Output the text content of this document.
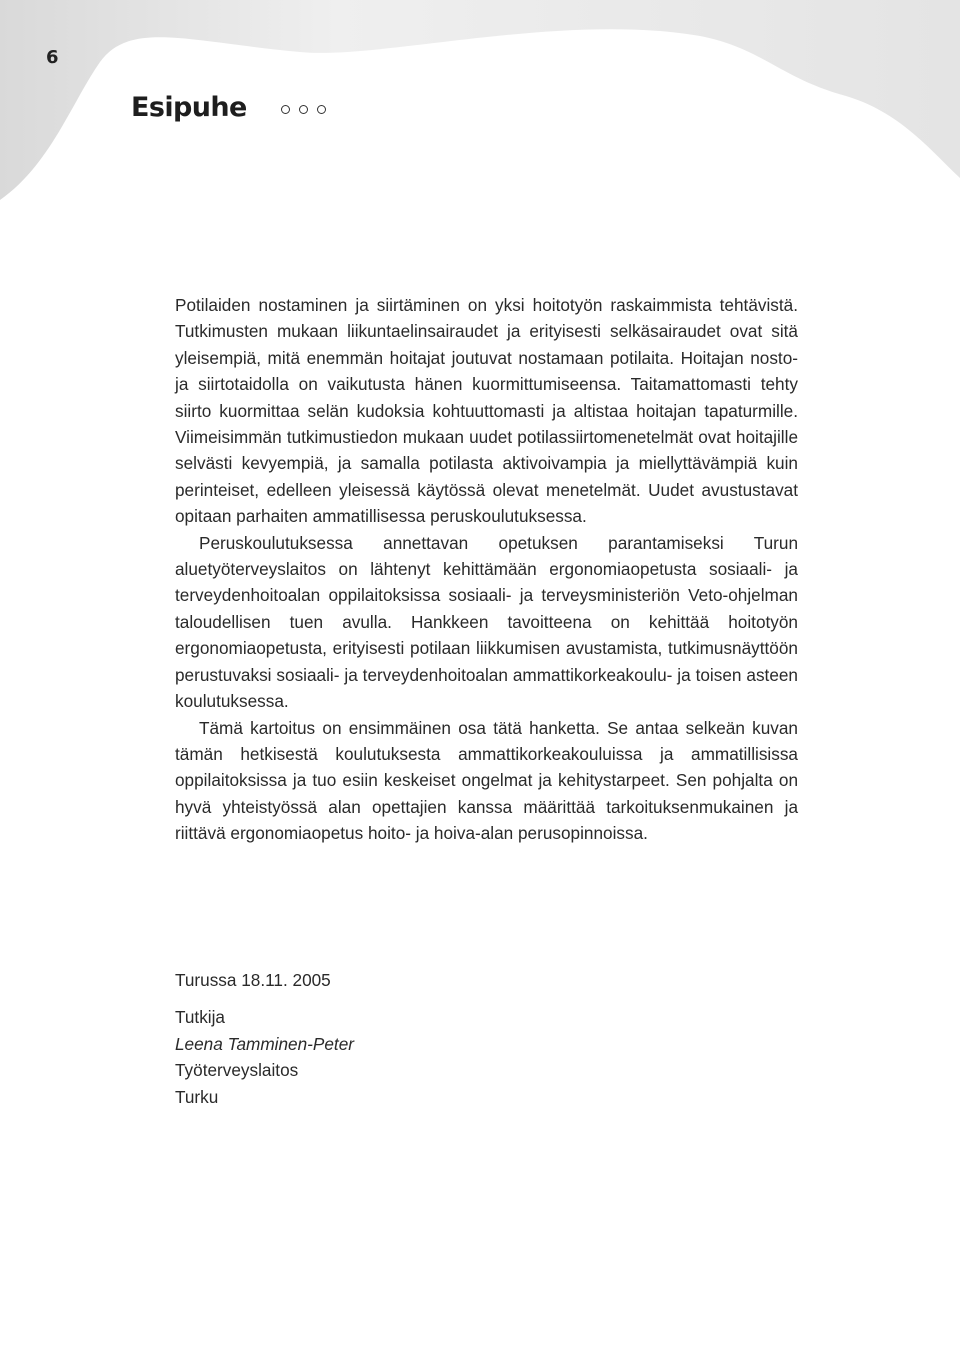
6
Esipuhe

Potilaiden nostaminen ja siirtäminen on yksi hoitotyön raskaimmista tehtävistä. Tutkimusten mukaan liikuntaelinsairaudet ja erityisesti selkäsairaudet ovat sitä yleisempiä, mitä enemmän hoitajat joutuvat nostamaan potilaita. Hoitajan nosto- ja siirtotaidolla on vaikutusta hänen kuormittumiseensa. Taitamattomasti tehty siirto kuormittaa selän kudoksia kohtuuttomasti ja altistaa hoitajan tapaturmille. Viimeisimmän tutkimustiedon mukaan uudet potilassiirtomenetelmät ovat hoitajille selvästi kevyempiä, ja samalla potilasta aktivoivampia ja miellyttävämpiä kuin perinteiset, edelleen yleisessä käytössä olevat menetelmät. Uudet avustustavat opitaan parhaiten ammatillisessa peruskoulutuksessa.

Peruskoulutuksessa annettavan opetuksen parantamiseksi Turun aluetyöterveyslaitos on lähtenyt kehittämään ergonomiaopetusta sosiaali- ja terveydenhoitoalan oppilaitoksissa sosiaali- ja terveysministeriön Veto-ohjelman taloudellisen tuen avulla. Hankkeen tavoitteena on kehittää hoitotyön ergonomiaopetusta, erityisesti potilaan liikkumisen avustamista, tutkimusnäyttöön perustuvaksi sosiaali- ja terveydenhoitoalan ammattikorkeakoulu- ja toisen asteen koulutuksessa.

Tämä kartoitus on ensimmäinen osa tätä hanketta. Se antaa selkeän kuvan tämän hetkisestä koulutuksesta ammattikorkeakouluissa ja ammatillisissa oppilaitoksissa ja tuo esiin keskeiset ongelmat ja kehitystarpeet. Sen pohjalta on hyvä yhteistyössä alan opettajien kanssa määrittää tarkoituksenmukainen ja riittävä ergonomiaopetus hoito- ja hoiva-alan perusopinnoissa.

Turussa 18.11. 2005
Tutkija
Leena Tamminen-Peter
Työterveyslaitos
Turku
